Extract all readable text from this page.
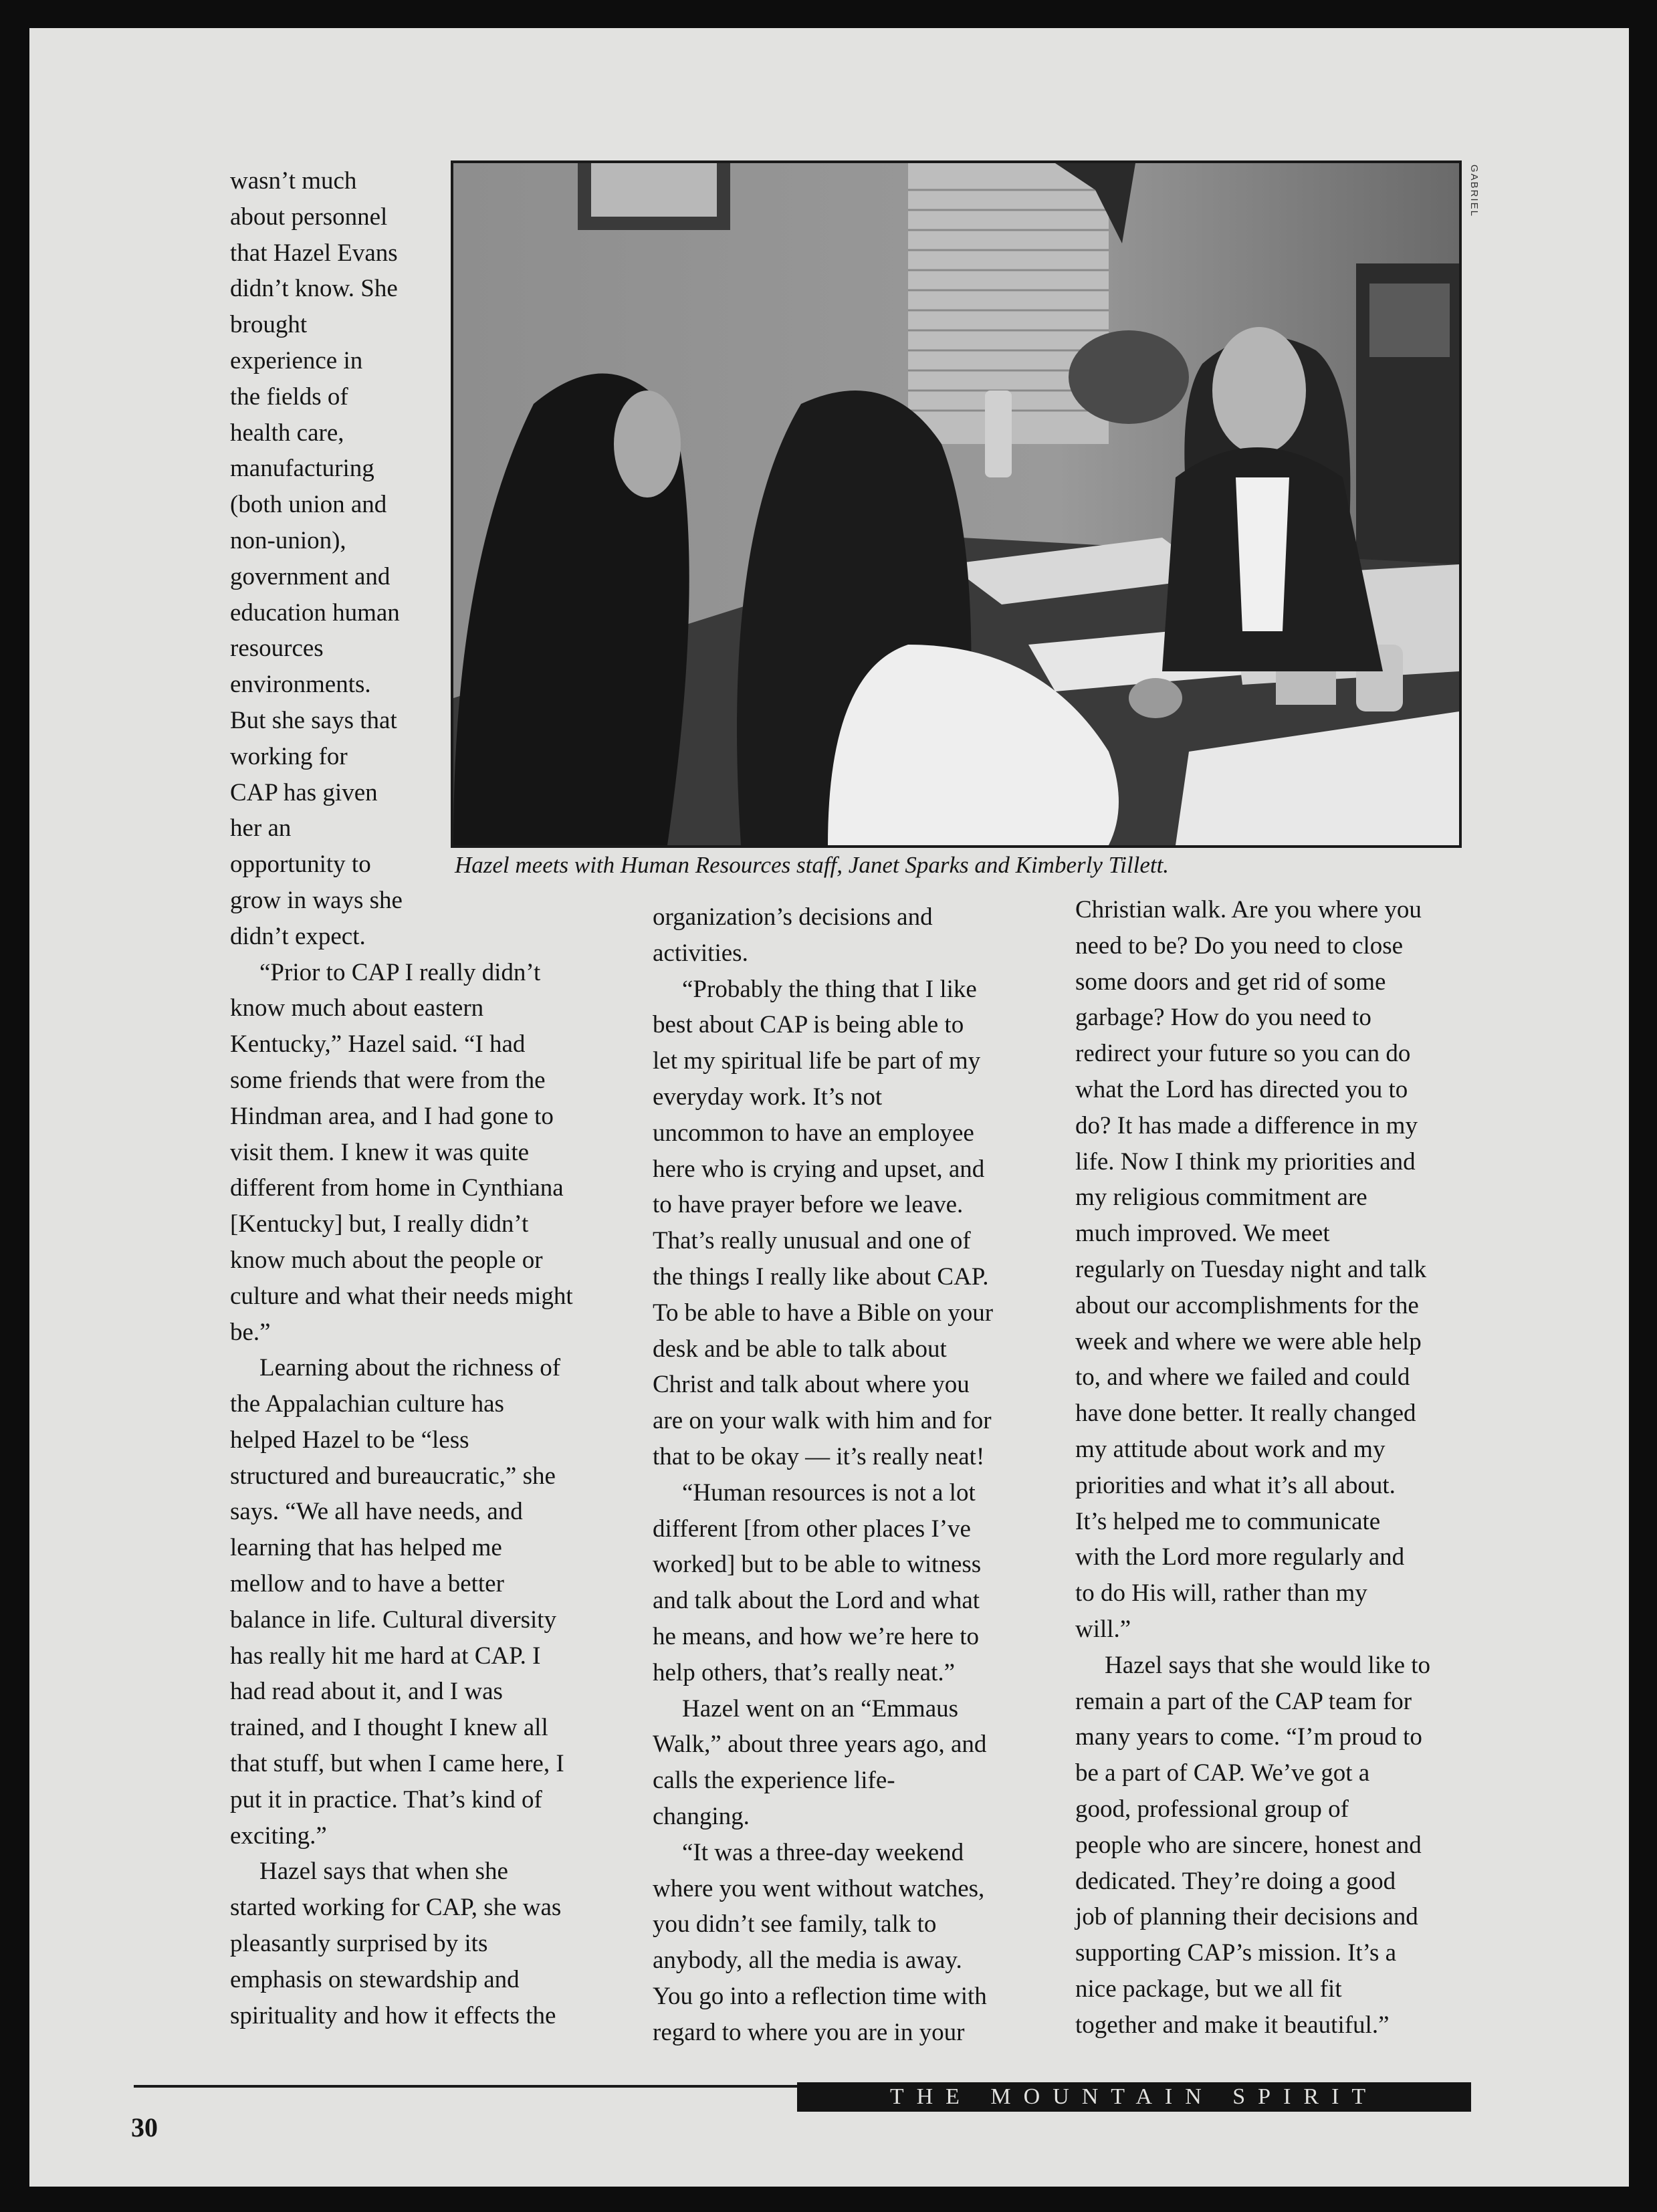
wasn’t much
about personnel
that Hazel Evans
didn’t know. She
brought
experience in
the fields of
health care,
manufacturing
(both union and
non-union),
government and
education human
resources
environments.
But she says that
working for
CAP has given
her an
opportunity to
grow in ways she
didn’t expect.

“Prior to CAP I really didn’t
know much about eastern
Kentucky,” Hazel said. “I had
some friends that were from the
Hindman area, and I had gone to
visit them. I knew it was quite
different from home in Cynthiana
[Kentucky] but, I really didn’t
know much about the people or
culture and what their needs might
be.”

Learning about the richness of
the Appalachian culture has
helped Hazel to be “less
structured and bureaucratic,” she
says. “We all have needs, and
learning that has helped me
mellow and to have a better
balance in life. Cultural diversity
has really hit me hard at CAP. I
had read about it, and I was
trained, and I thought I knew all
that stuff, but when I came here, I
put it in practice. That’s kind of
exciting.”

Hazel says that when she
started working for CAP, she was
pleasantly surprised by its
emphasis on stewardship and
spirituality and how it effects the

organization’s decisions and
activities.

“Probably the thing that I like
best about CAP is being able to
let my spiritual life be part of my
everyday work. It’s not
uncommon to have an employee
here who is crying and upset, and
to have prayer before we leave.
That’s really unusual and one of
the things I really like about CAP.
To be able to have a Bible on your
desk and be able to talk about
Christ and talk about where you
are on your walk with him and for
that to be okay — it’s really neat!

“Human resources is not a lot
different [from other places I’ve
worked] but to be able to witness
and talk about the Lord and what
he means, and how we’re here to
help others, that’s really neat.”

Hazel went on an “Emmaus
Walk,” about three years ago, and
calls the experience life-
changing.

“It was a three-day weekend
where you went without watches,
you didn’t see family, talk to
anybody, all the media is away.
You go into a reflection time with
regard to where you are in your

Christian walk. Are you where you
need to be? Do you need to close
some doors and get rid of some
garbage? How do you need to
redirect your future so you can do
what the Lord has directed you to
do? It has made a difference in my
life. Now I think my priorities and
my religious commitment are
much improved. We meet
regularly on Tuesday night and talk
about our accomplishments for the
week and where we were able help
to, and where we failed and could
have done better. It really changed
my attitude about work and my
priorities and what it’s all about.
It’s helped me to communicate
with the Lord more regularly and
to do His will, rather than my
will.”

Hazel says that she would like to
remain a part of the CAP team for
many years to come. “I’m proud to
be a part of CAP. We’ve got a
good, professional group of
people who are sincere, honest and
dedicated. They’re doing a good
job of planning their decisions and
supporting CAP’s mission. It’s a
nice package, but we all fit
together and make it beautiful.”

GABRIEL
Hazel meets with Human Resources staff, Janet Sparks and Kimberly Tillett.
THE MOUNTAIN SPIRIT
30
